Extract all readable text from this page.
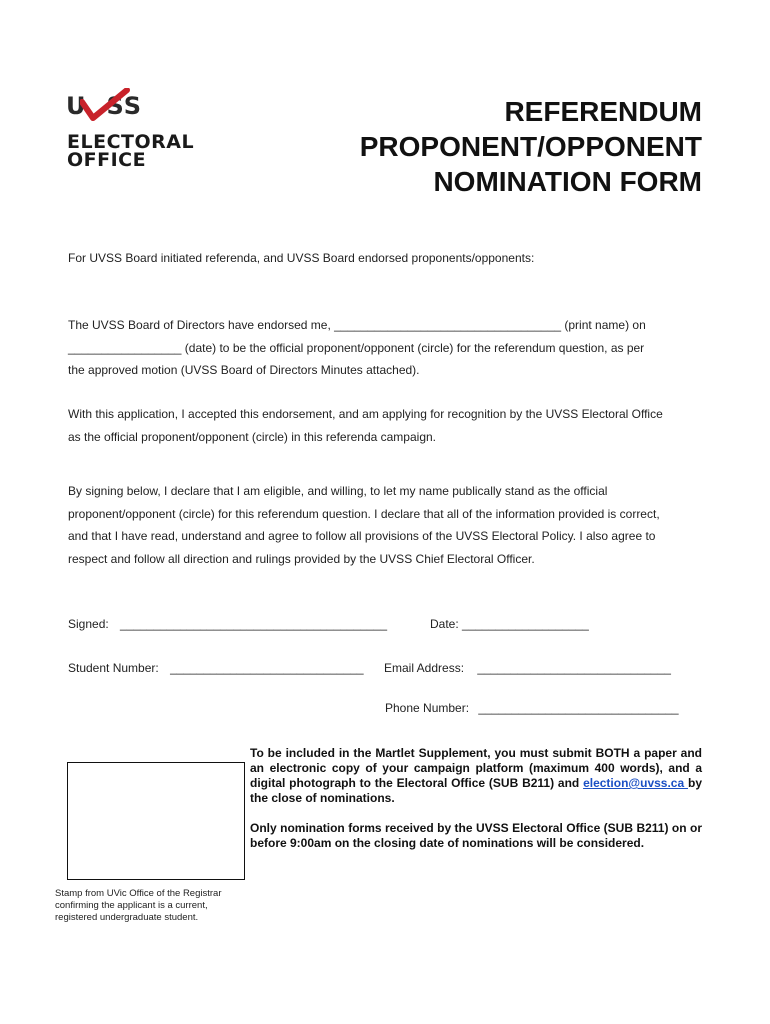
U SS
ELECTORAL
OFFICE
REFERENDUM
PROPONENT/OPPONENT
NOMINATION FORM
For UVSS Board initiated referenda, and UVSS Board endorsed proponents/opponents:
The UVSS Board of Directors have endorsed me, __________________________________ (print name) on
_________________ (date) to be the official proponent/opponent (circle) for the referendum question, as per
the approved motion (UVSS Board of Directors Minutes attached).
With this application, I accepted this endorsement, and am applying for recognition by the UVSS Electoral Office
as the official proponent/opponent (circle) in this referenda campaign.
By signing below, I declare that I am eligible, and willing, to let my name publically stand as the official
proponent/opponent (circle) for this referendum question. I declare that all of the information provided is correct,
and that I have read, understand and agree to follow all provisions of the UVSS Electoral Policy. I also agree to
respect and follow all direction and rulings provided by the UVSS Chief Electoral Officer.
Signed: ________________________________________	Date: ___________________
Student Number: _____________________________ Email Address: _____________________________
Phone Number: ______________________________
Stamp from UVic Office of the Registrar
confirming the applicant is a current,
registered undergraduate student.
To be included in the Martlet Supplement, you must submit BOTH a paper and an electronic copy of your campaign platform (maximum 400 words), and a digital photograph to the Electoral Office (SUB B211) and election@uvss.ca by the close of nominations.
Only nomination forms received by the UVSS Electoral Office (SUB B211) on or before 9:00am on the closing date of nominations will be considered.
